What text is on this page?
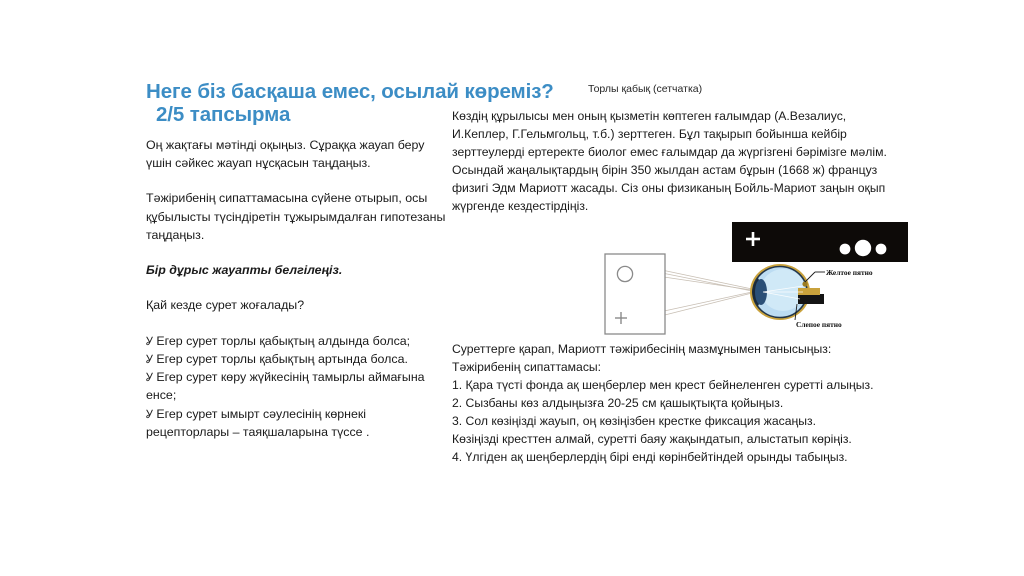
Неге біз басқаша емес, осылай көреміз?
2/5 тапсырма
Торлы қабық (сетчатка)

Оң жақтағы мәтінді оқыңыз. Сұраққа жауап беру үшін сәйкес жауап нұсқасын таңдаңыз.

Тәжірибенің сипаттамасына сүйене отырып, осы құбылысты түсіндіретін тұжырымдалған гипотезаны таңдаңыз.

Бір дұрыс жауапты белгілеңіз.

Қай кезде сурет жоғалады?

Ỿ Егер сурет торлы қабықтың алдында болса;
Ỿ Егер сурет торлы қабықтың артында болса.
Ỿ Егер сурет көру жүйкесінің тамырлы аймағына енсе;
Ỿ Егер сурет ымырт сәулесінің көрнекі рецепторлары – таяқшаларына түссе .

Көздің құрылысы мен оның қызметін көптеген ғалымдар (А.Везалиус, И.Кеплер, Г.Гельмгольц, т.б.) зерттеген. Бұл тақырып бойынша кейбір зерттеулерді ертеректе биолог емес ғалымдар да жүргізгені бәрімізге мәлім. Осындай жаңалықтардың бірін 350 жылдан астам бұрын (1668 ж) француз физигі Эдм Мариотт жасады. Сіз оны физиканың Бойль-Мариот заңын оқып жүргенде кездестірдіңіз.

Желтое пятно
Слепое пятно

Суреттерге қарап, Мариотт тәжірибесінің мазмұнымен танысыңыз:

Тәжірибенің сипаттамасы:

1. Қара түсті фонда ақ шеңберлер мен крест бейнеленген суретті алыңыз.

2. Сызбаны көз алдыңызға 20-25 см қашықтықта қойыңыз.

3. Сол көзіңізді жауып, оң көзіңізбен кресткe фиксация жасаңыз.

Көзіңізді кресттен алмай, суретті баяу жақындатып, алыстатып көріңіз.

4. Үлгіден ақ шеңберлердің бірі енді көрінбейтіндей орынды табыңыз.
